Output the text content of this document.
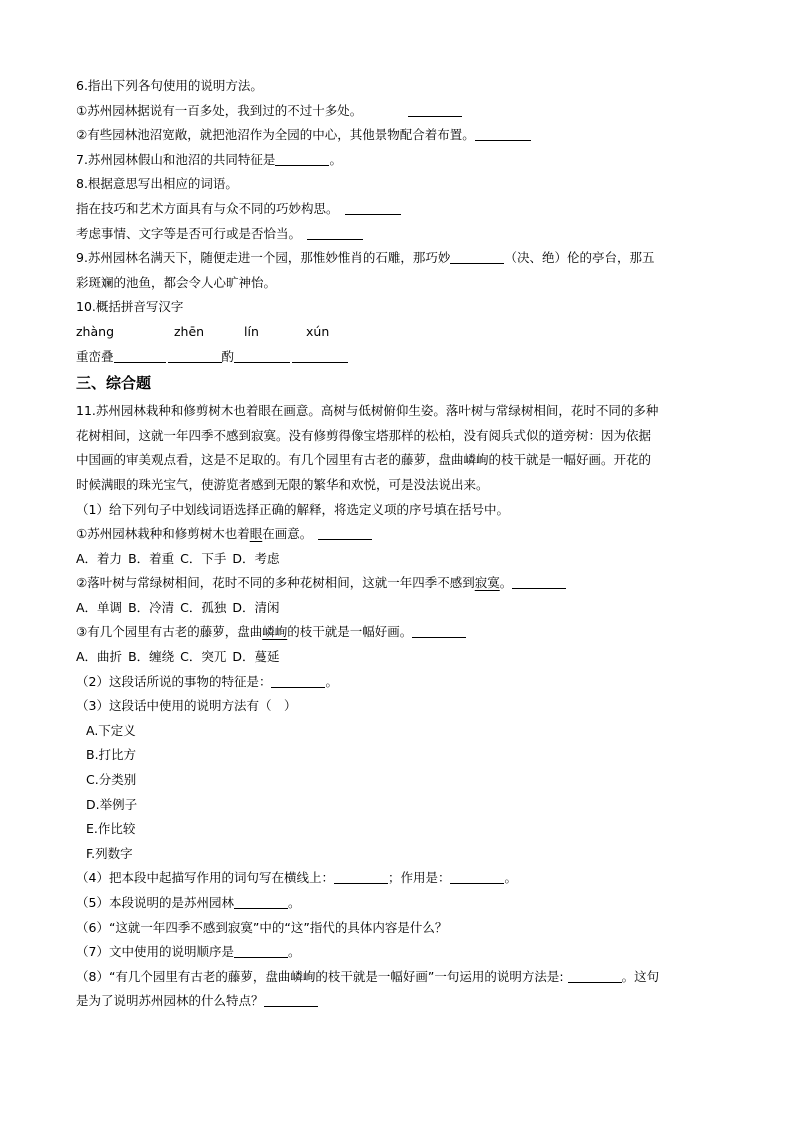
6.指出下列各句使用的说明方法。
①苏州园林据说有一百多处，我到过的不过十多处。
②有些园林池沼宽敞，就把池沼作为全园的中心，其他景物配合着布置。
7.苏州园林假山和池沼的共同特征是	。
8.根据意思写出相应的词语。
指在技巧和艺术方面具有与众不同的巧妙构思。
考虑事情、文字等是否可行或是否恰当。
9.苏州园林名满天下，随便走进一个园，那惟妙惟肖的石雕，那巧妙	（决、绝）伦的亭台，那五
彩斑斓的池鱼，都会令人心旷神怡。
10.概括拼音写汉字
zhàng	zhēn	lín	xún
重峦叠	酌
三、综合题
11.苏州园林栽种和修剪树木也着眼在画意。高树与低树俯仰生姿。落叶树与常绿树相间，花时不同的多种
花树相间，这就一年四季不感到寂寞。没有修剪得像宝塔那样的松柏，没有阅兵式似的道旁树：因为依据
中国画的审美观点看，这是不足取的。有几个园里有古老的藤萝，盘曲嶙峋的枝干就是一幅好画。开花的
时候满眼的珠光宝气，使游览者感到无限的繁华和欢悦，可是没法说出来。
（1）给下列句子中划线词语选择正确的解释，将选定义项的序号填在括号中。
①苏州园林栽种和修剪树木也着眼在画意。
A．着力 B．着重 C．下手 D．考虑
②落叶树与常绿树相间，花时不同的多种花树相间，这就一年四季不感到寂寞。
A．单调 B．冷清 C．孤独 D．清闲
③有几个园里有古老的藤萝，盘曲嶙峋的枝干就是一幅好画。
A．曲折 B．缠绕 C．突兀 D．蔓延
（2）这段话所说的事物的特征是：	。
（3）这段话中使用的说明方法有（　）
A.下定义
B.打比方
C.分类别
D.举例子
E.作比较
F.列数字
（4）把本段中起描写作用的词句写在横线上：	；作用是：	。
（5）本段说明的是苏州园林	。
（6）“这就一年四季不感到寂寞”中的“这”指代的具体内容是什么？
（7）文中使用的说明顺序是	。
（8）“有几个园里有古老的藤萝，盘曲嶙峋的枝干就是一幅好画”一句运用的说明方法是:	。这句
是为了说明苏州园林的什么特点？
